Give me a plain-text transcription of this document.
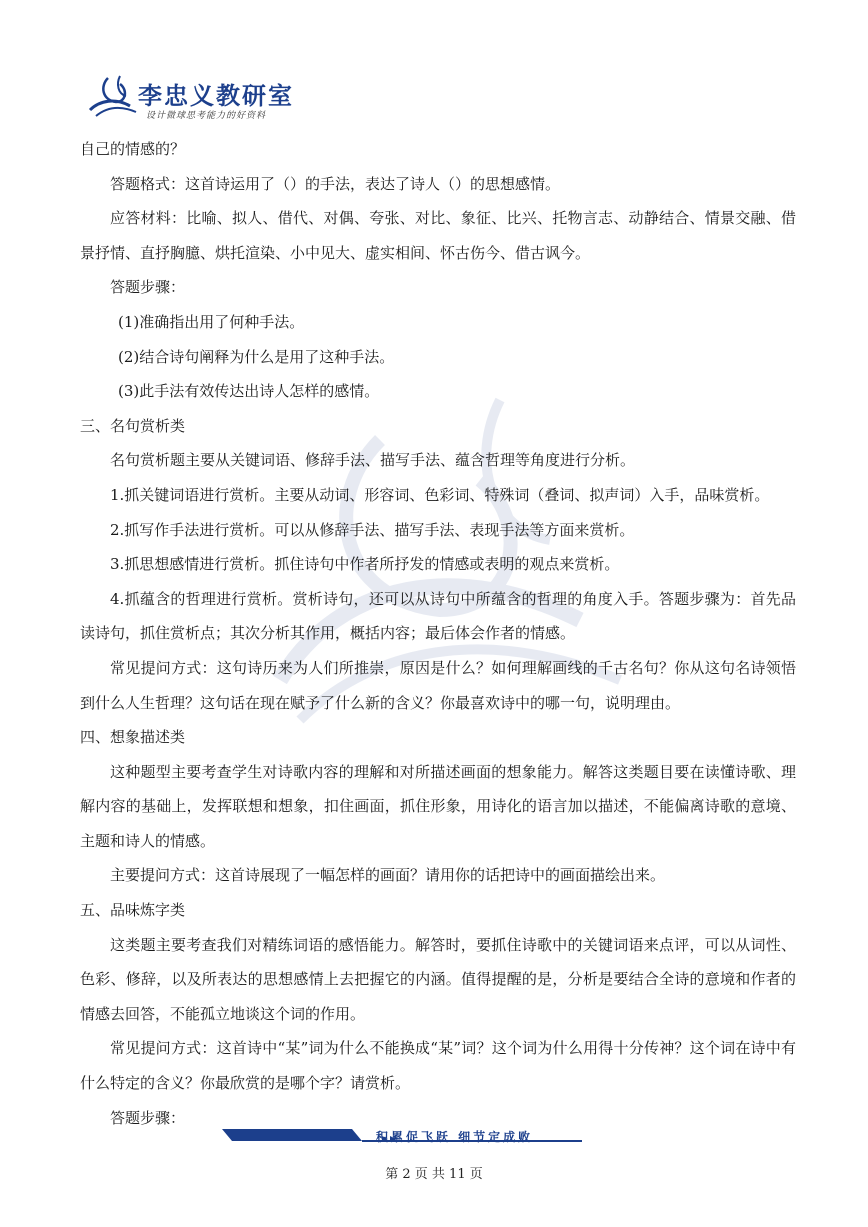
李忠义教研室
设计微球思考能力的好资料

自己的情感的？

答题格式：这首诗运用了（）的手法，表达了诗人（）的思想感情。

应答材料：比喻、拟人、借代、对偶、夸张、对比、象征、比兴、托物言志、动静结合、情景交融、借景抒情、直抒胸臆、烘托渲染、小中见大、虚实相间、怀古伤今、借古讽今。

答题步骤：

(1)准确指出用了何种手法。

(2)结合诗句阐释为什么是用了这种手法。

(3)此手法有效传达出诗人怎样的感情。

三、名句赏析类

名句赏析题主要从关键词语、修辞手法、描写手法、蕴含哲理等角度进行分析。

1.抓关键词语进行赏析。主要从动词、形容词、色彩词、特殊词（叠词、拟声词）入手，品味赏析。

2.抓写作手法进行赏析。可以从修辞手法、描写手法、表现手法等方面来赏析。

3.抓思想感情进行赏析。抓住诗句中作者所抒发的情感或表明的观点来赏析。

4.抓蕴含的哲理进行赏析。赏析诗句，还可以从诗句中所蕴含的哲理的角度入手。答题步骤为：首先品读诗句，抓住赏析点；其次分析其作用，概括内容；最后体会作者的情感。

常见提问方式：这句诗历来为人们所推崇，原因是什么？如何理解画线的千古名句？你从这句名诗领悟到什么人生哲理？这句话在现在赋予了什么新的含义？你最喜欢诗中的哪一句，说明理由。

四、想象描述类

这种题型主要考查学生对诗歌内容的理解和对所描述画面的想象能力。解答这类题目要在读懂诗歌、理解内容的基础上，发挥联想和想象，扣住画面，抓住形象，用诗化的语言加以描述，不能偏离诗歌的意境、主题和诗人的情感。

主要提问方式：这首诗展现了一幅怎样的画面？请用你的话把诗中的画面描绘出来。

五、品味炼字类

这类题主要考查我们对精练词语的感悟能力。解答时，要抓住诗歌中的关键词语来点评，可以从词性、色彩、修辞，以及所表达的思想感情上去把握它的内涵。值得提醒的是，分析是要结合全诗的意境和作者的情感去回答，不能孤立地谈这个词的作用。

常见提问方式：这首诗中“某”词为什么不能换成“某”词？这个词为什么用得十分传神？这个词在诗中有什么特定的含义？你最欣赏的是哪个字？请赏析。

答题步骤：

积累促飞跃 细节定成败
第 2 页 共 11 页
